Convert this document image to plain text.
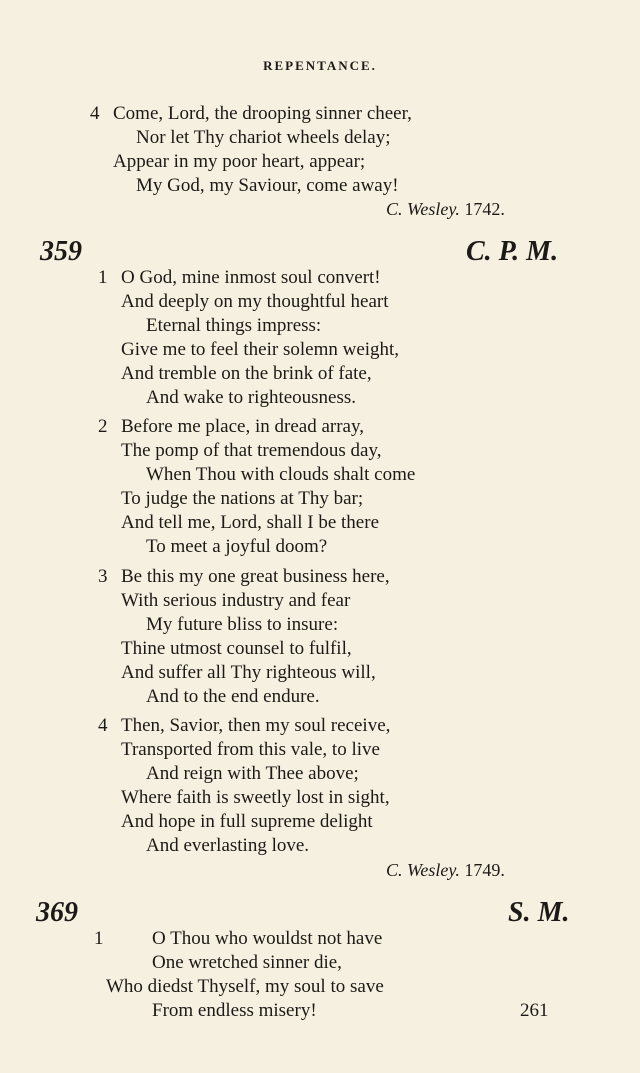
REPENTANCE.
4 Come, Lord, the drooping sinner cheer,
Nor let Thy chariot wheels delay;
Appear in my poor heart, appear;
My God, my Saviour, come away!
C. Wesley. 1742.
359	C. P. M.
1 O God, mine inmost soul convert!
And deeply on my thoughtful heart
Eternal things impress:
Give me to feel their solemn weight,
And tremble on the brink of fate,
And wake to righteousness.
2 Before me place, in dread array,
The pomp of that tremendous day,
When Thou with clouds shalt come
To judge the nations at Thy bar;
And tell me, Lord, shall I be there
To meet a joyful doom?
3 Be this my one great business here,
With serious industry and fear
My future bliss to insure:
Thine utmost counsel to fulfil,
And suffer all Thy righteous will,
And to the end endure.
4 Then, Savior, then my soul receive,
Transported from this vale, to live
And reign with Thee above;
Where faith is sweetly lost in sight,
And hope in full supreme delight
And everlasting love.
C. Wesley. 1749.
369	S. M.
1	O Thou who wouldst not have
One wretched sinner die,
Who diedst Thyself, my soul to save
From endless misery!	261
